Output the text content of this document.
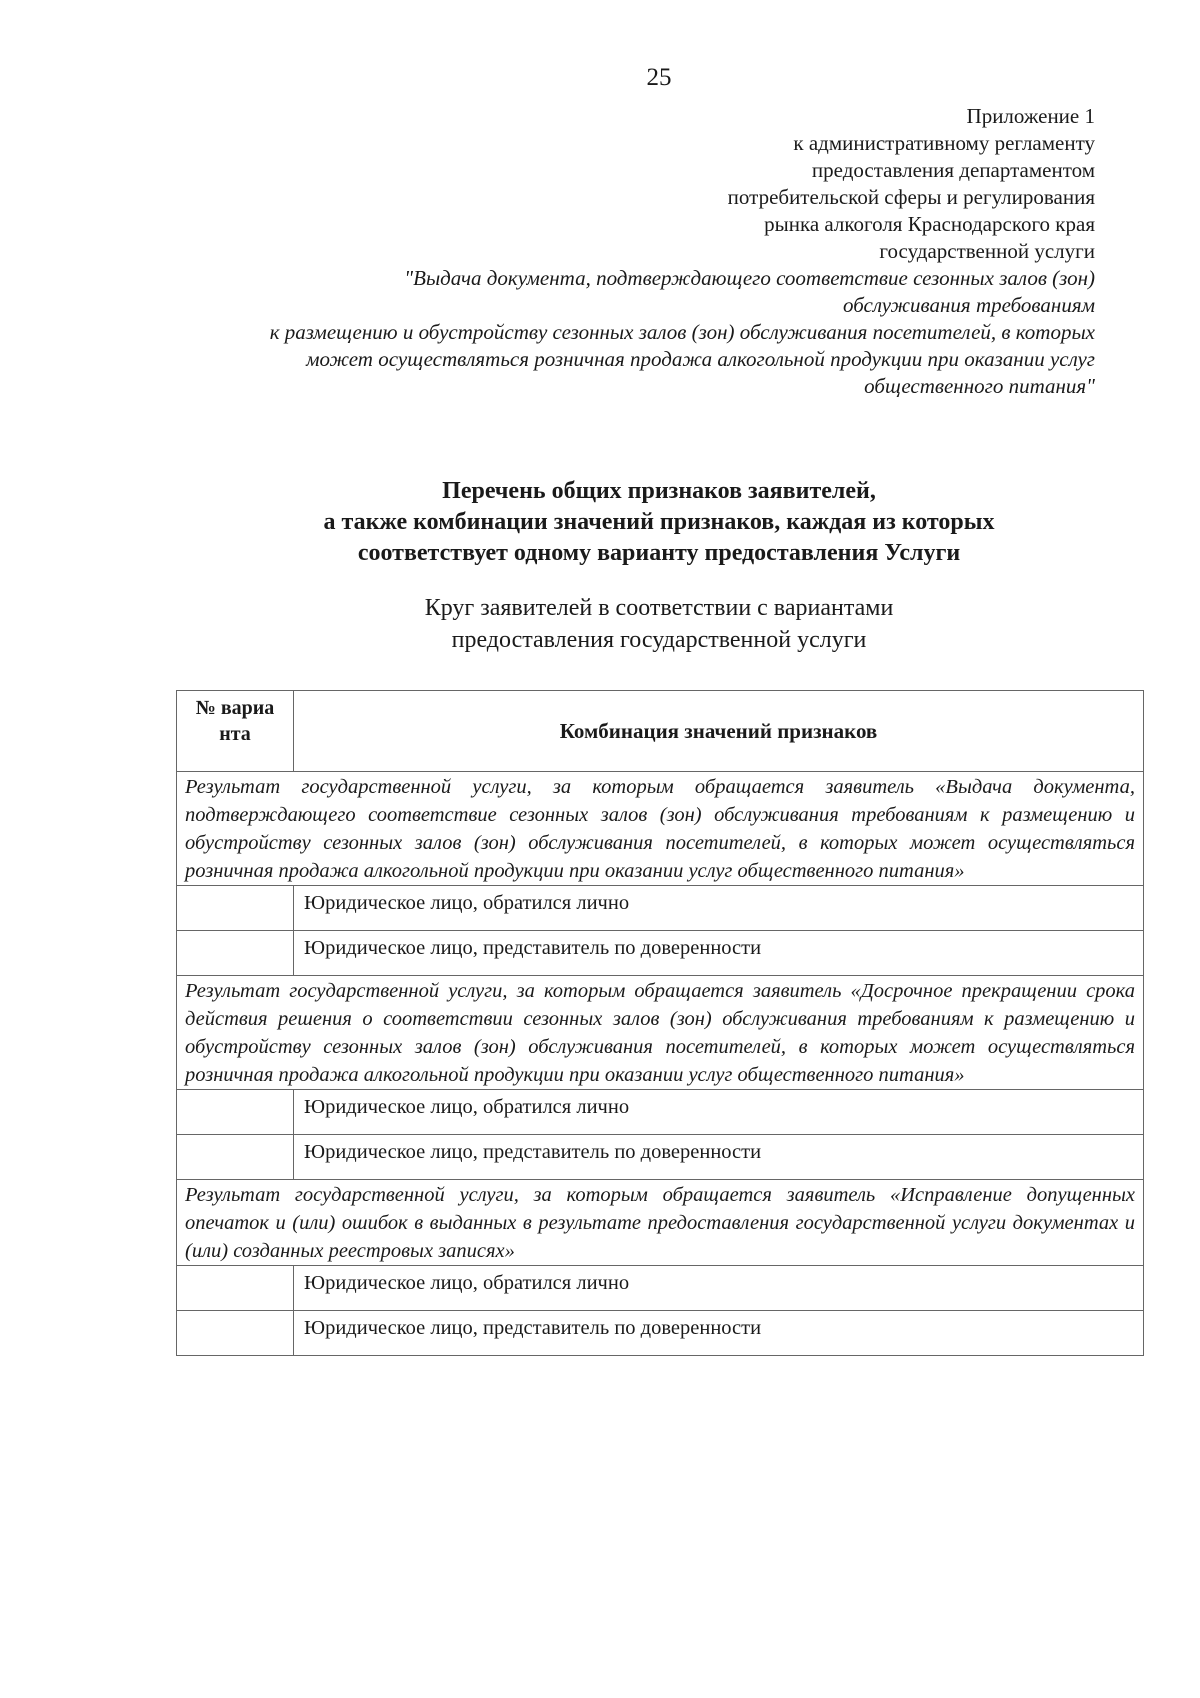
25
Приложение 1
к административному регламенту
предоставления департаментом
потребительской сферы и регулирования
рынка алкоголя Краснодарского края
государственной услуги
"Выдача документа, подтверждающего соответствие сезонных залов (зон)
обслуживания требованиям
к размещению и обустройству сезонных залов (зон) обслуживания посетителей, в которых
может осуществляться розничная продажа алкогольной продукции при оказании услуг
общественного питания"
Перечень общих признаков заявителей,
а также комбинации значений признаков, каждая из которых
соответствует одному варианту предоставления Услуги
Круг заявителей в соответствии с вариантами
предоставления государственной услуги
№ варианта	Комбинация значений признаков
Результат государственной услуги, за которым обращается заявитель «Выдача документа, подтверждающего соответствие сезонных залов (зон) обслуживания требованиям к размещению и обустройству сезонных залов (зон) обслуживания посетителей, в которых может осуществляться розничная продажа алкогольной продукции при оказании услуг общественного питания»	
	Юридическое лицо, обратился лично
	Юридическое лицо, представитель по доверенности
Результат государственной услуги, за которым обращается заявитель «Досрочное прекращении срока действия решения о соответствии сезонных залов (зон) обслуживания требованиям к размещению и обустройству сезонных залов (зон) обслуживания посетителей, в которых может осуществляться розничная продажа алкогольной продукции при оказании услуг общественного питания»	
	Юридическое лицо, обратился лично
	Юридическое лицо, представитель по доверенности
Результат государственной услуги, за которым обращается заявитель «Исправление допущенных опечаток и (или) ошибок в выданных в результате предоставления государственной услуги документах и (или) созданных реестровых записях»	
	Юридическое лицо, обратился лично
	Юридическое лицо, представитель по доверенности
